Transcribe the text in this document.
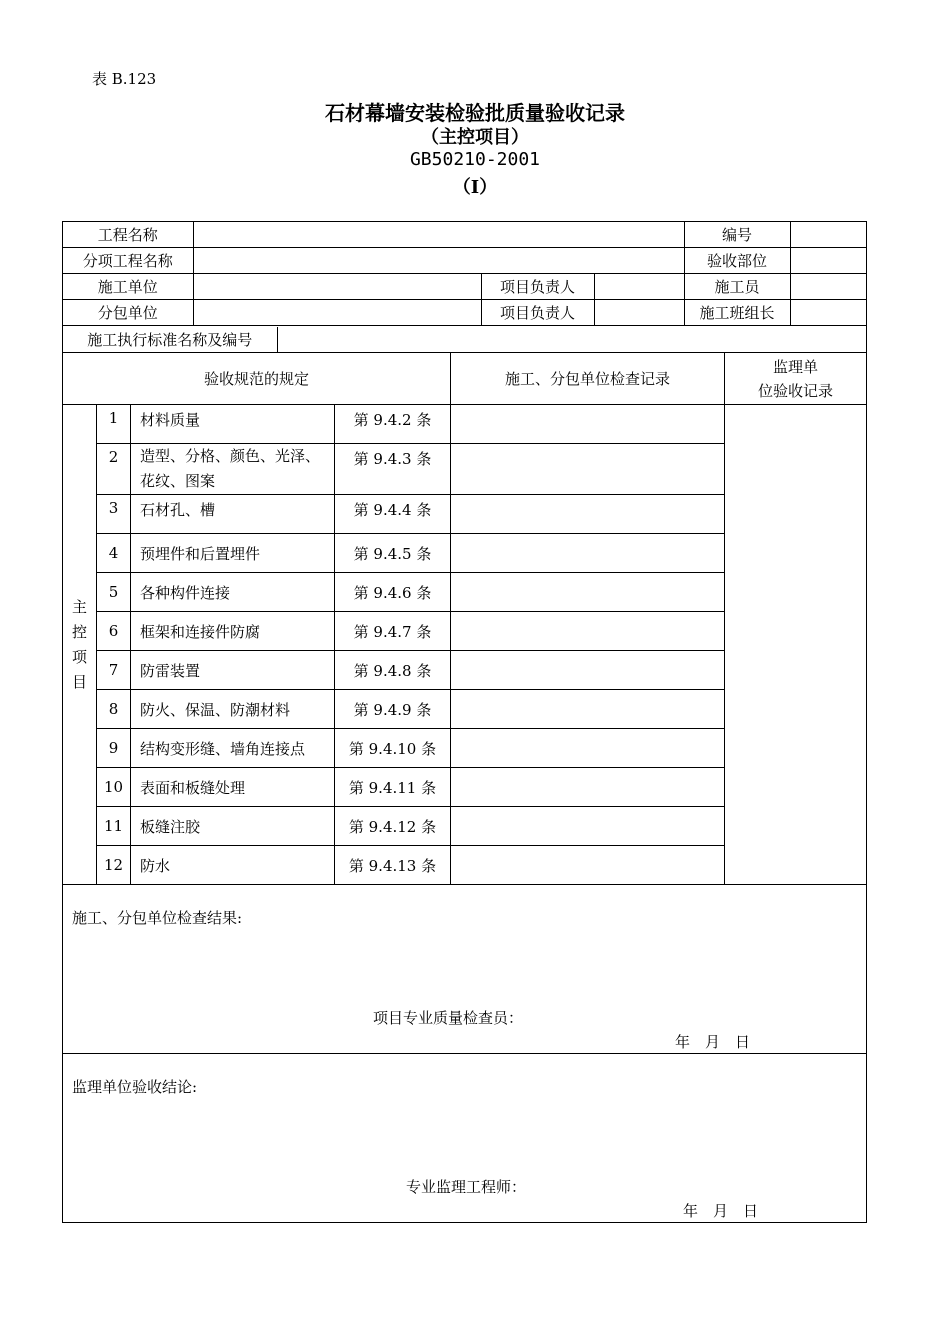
表 B.123
石材幕墙安装检验批质量验收记录
（主控项目）
GB50210-2001
（Ⅰ）
工程名称		编号	
分项工程名称		验收部位	
施工单位		项目负责人		施工员	
分包单位		项目负责人		施工班组长	

施工执行标准名称及编号	

验收规范的规定	施工、分包单位检查记录	
监理单
位验收记录

主
控
项
目
	1	材料质量	第 9.4.2 条		
2	造型、分格、颜色、光泽、花纹、图案	第 9.4.3 条	
3	石材孔、槽	第 9.4.4 条	
4	预埋件和后置埋件	第 9.4.5 条	
5	各种构件连接	第 9.4.6 条	
6	框架和连接件防腐	第 9.4.7 条	
7	防雷装置	第 9.4.8 条	
8	防火、保温、防潮材料	第 9.4.9 条	
9	结构变形缝、墙角连接点	第 9.4.10 条	
10	表面和板缝处理	第 9.4.11 条	
11	板缝注胶	第 9.4.12 条	
12	防水	第 9.4.13 条	

施工、分包单位检查结果:
项目专业质量检查员：
年　月　日

监理单位验收结论:
专业监理工程师：
年　月　日
